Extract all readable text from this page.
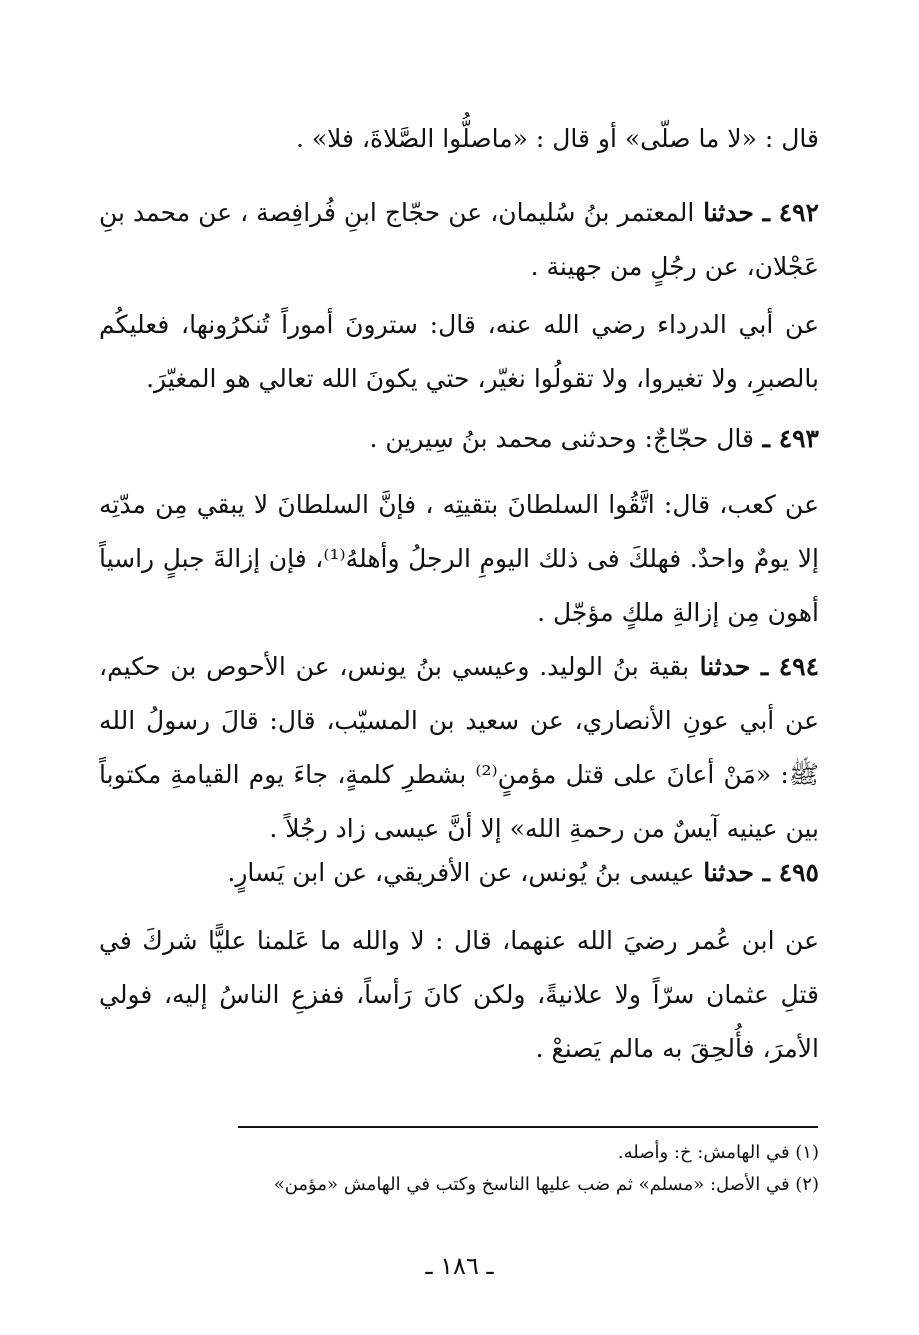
قال : «لا ما صلّى» أو قال : «ماصلُّوا الصَّلاةَ، فلا» .
٤٩٢ ـ حدثنا المعتمر بنُ سُليمان، عن حجّاج ابنِ فُرافِصة ، عن محمد بنِ عَجْلان، عن رجُلٍ من جهينة .
عن أبي الدرداء رضي الله عنه، قال: سترونَ أموراً تُنكرُونها، فعليكُم بالصبرِ، ولا تغيروا، ولا تقولُوا نغيّر، حتي يكونَ الله تعالي هو المغيّرَ.
٤٩٣ ـ قال حجّاجٌ: وحدثنى محمد بنُ سِيرين .
عن كعب، قال: اتَّقُوا السلطانَ بتقيتِه ، فإنَّ السلطانَ لا يبقي مِن مدّتِه إلا يومٌ واحدٌ. فهلكَ فى ذلك اليومِ الرجلُ وأهلهُ⁽¹⁾، فإن إزالةَ جبلٍ راسياً أهون مِن إزالةِ ملكٍ مؤجّل .
٤٩٤ ـ حدثنا بقية بنُ الوليد. وعيسي بنُ يونس، عن الأحوص بن حكيم، عن أبي عونِ الأنصاري، عن سعيد بن المسيّب، قال: قالَ رسولُ الله ﷺ: «مَنْ أعانَ على قتل مؤمنٍ⁽²⁾ بشطرِ كلمةٍ، جاءَ يوم القيامةِ مكتوباً بين عينيه آيسٌ من رحمةِ الله» إلا أنَّ عيسى زاد رجُلاً .
٤٩٥ ـ حدثنا عيسى بنُ يُونس، عن الأفريقي، عن ابن يَسارٍ.
عن ابن عُمر رضيَ الله عنهما، قال : لا والله ما عَلمنا عليًّا شركَ في قتلِ عثمان سرّاً ولا علانيةً، ولكن كانَ رَأساً، ففزعِ الناسُ إليه، فولي الأمرَ، فأُلحِقَ به مالم يَصنعْ .
(١) في الهامش: خ: وأصله.
(٢) في الأصل: «مسلم» ثم ضب عليها الناسخ وكتب في الهامش «مؤمن»
ـ ١٨٦ ـ
